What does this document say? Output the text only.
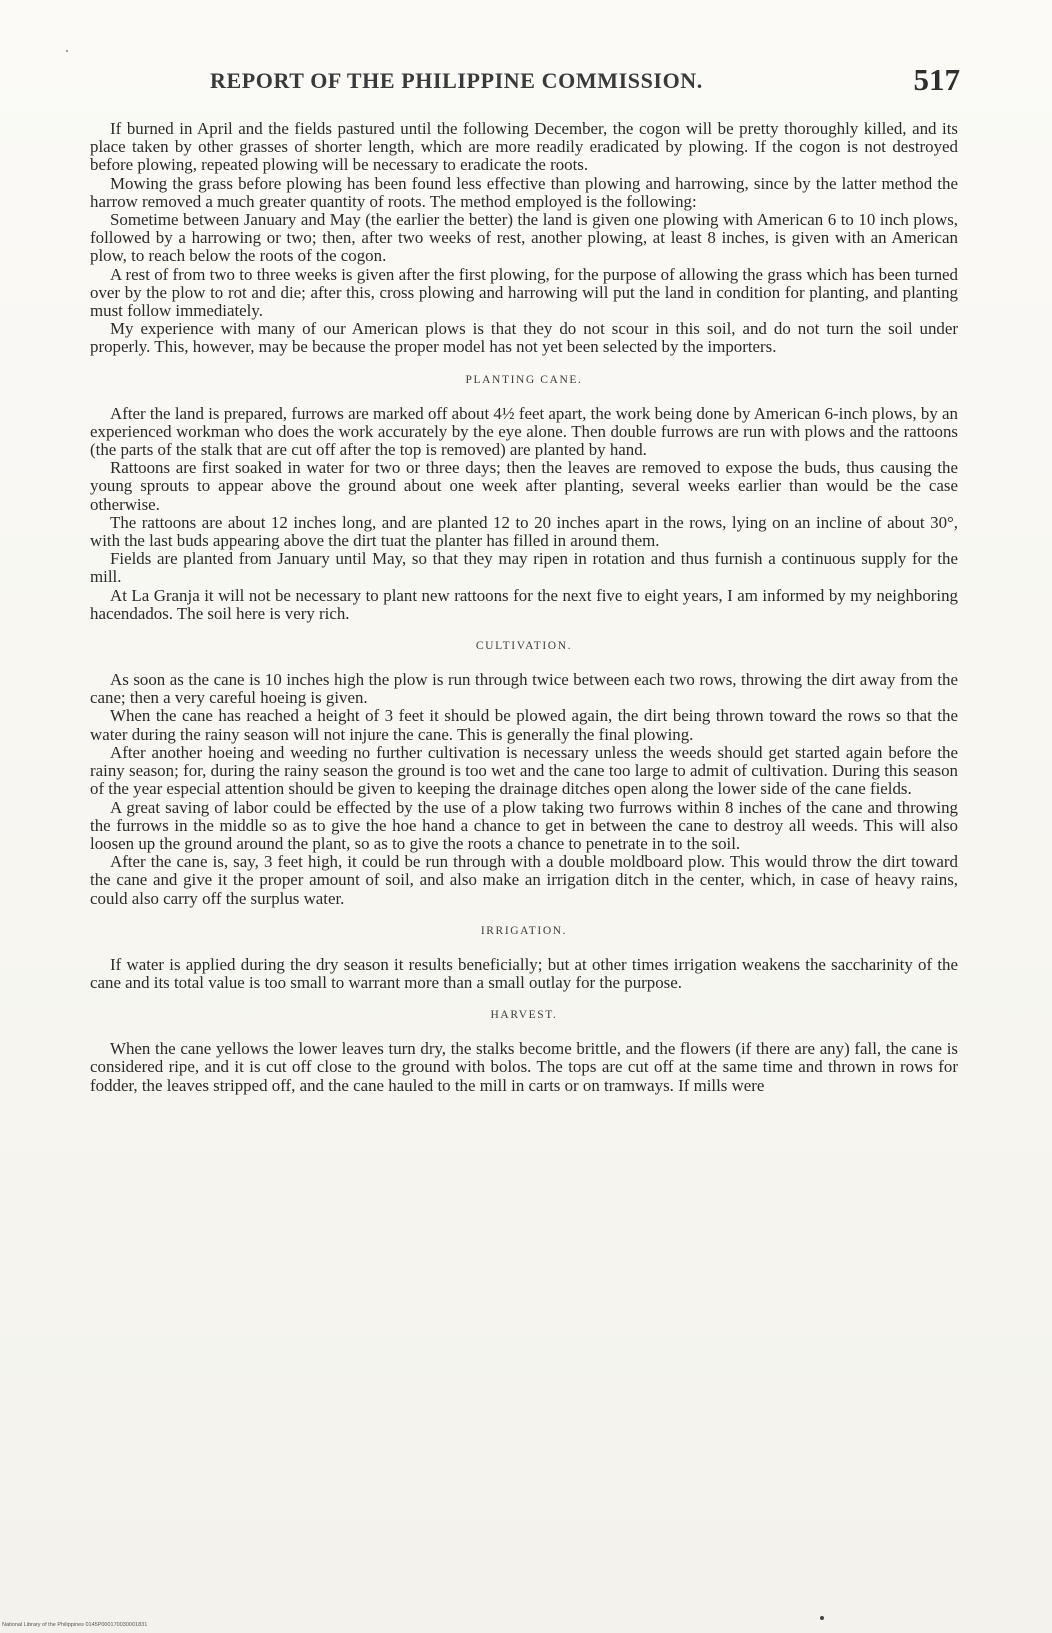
REPORT OF THE PHILIPPINE COMMISSION.	517

If burned in April and the fields pastured until the following December, the cogon will be pretty thoroughly killed, and its place taken by other grasses of shorter length, which are more readily eradicated by plowing. If the cogon is not destroyed before plowing, repeated plowing will be necessary to eradicate the roots.

Mowing the grass before plowing has been found less effective than plowing and harrowing, since by the latter method the harrow removed a much greater quantity of roots. The method employed is the following:

Sometime between January and May (the earlier the better) the land is given one plowing with American 6 to 10 inch plows, followed by a harrowing or two; then, after two weeks of rest, another plowing, at least 8 inches, is given with an American plow, to reach below the roots of the cogon.

A rest of from two to three weeks is given after the first plowing, for the purpose of allowing the grass which has been turned over by the plow to rot and die; after this, cross plowing and harrowing will put the land in condition for planting, and planting must follow immediately.

My experience with many of our American plows is that they do not scour in this soil, and do not turn the soil under properly. This, however, may be because the proper model has not yet been selected by the importers.

PLANTING CANE.

After the land is prepared, furrows are marked off about 4½ feet apart, the work being done by American 6-inch plows, by an experienced workman who does the work accurately by the eye alone. Then double furrows are run with plows and the rattoons (the parts of the stalk that are cut off after the top is removed) are planted by hand.

Rattoons are first soaked in water for two or three days; then the leaves are removed to expose the buds, thus causing the young sprouts to appear above the ground about one week after planting, several weeks earlier than would be the case otherwise.

The rattoons are about 12 inches long, and are planted 12 to 20 inches apart in the rows, lying on an incline of about 30°, with the last buds appearing above the dirt tuat the planter has filled in around them.

Fields are planted from January until May, so that they may ripen in rotation and thus furnish a continuous supply for the mill.

At La Granja it will not be necessary to plant new rattoons for the next five to eight years, I am informed by my neighboring hacendados. The soil here is very rich.

CULTIVATION.

As soon as the cane is 10 inches high the plow is run through twice between each two rows, throwing the dirt away from the cane; then a very careful hoeing is given.

When the cane has reached a height of 3 feet it should be plowed again, the dirt being thrown toward the rows so that the water during the rainy season will not injure the cane. This is generally the final plowing.

After another hoeing and weeding no further cultivation is necessary unless the weeds should get started again before the rainy season; for, during the rainy season the ground is too wet and the cane too large to admit of cultivation. During this season of the year especial attention should be given to keeping the drainage ditches open along the lower side of the cane fields.

A great saving of labor could be effected by the use of a plow taking two furrows within 8 inches of the cane and throwing the furrows in the middle so as to give the hoe hand a chance to get in between the cane to destroy all weeds. This will also loosen up the ground around the plant, so as to give the roots a chance to penetrate in to the soil.

After the cane is, say, 3 feet high, it could be run through with a double moldboard plow. This would throw the dirt toward the cane and give it the proper amount of soil, and also make an irrigation ditch in the center, which, in case of heavy rains, could also carry off the surplus water.

IRRIGATION.

If water is applied during the dry season it results beneficially; but at other times irrigation weakens the saccharinity of the cane and its total value is too small to warrant more than a small outlay for the purpose.

HARVEST.

When the cane yellows the lower leaves turn dry, the stalks become brittle, and the flowers (if there are any) fall, the cane is considered ripe, and it is cut off close to the ground with bolos. The tops are cut off at the same time and thrown in rows for fodder, the leaves stripped off, and the cane hauled to the mill in carts or on tramways. If mills were

National Library of the Philippines 0145P000170030001831
